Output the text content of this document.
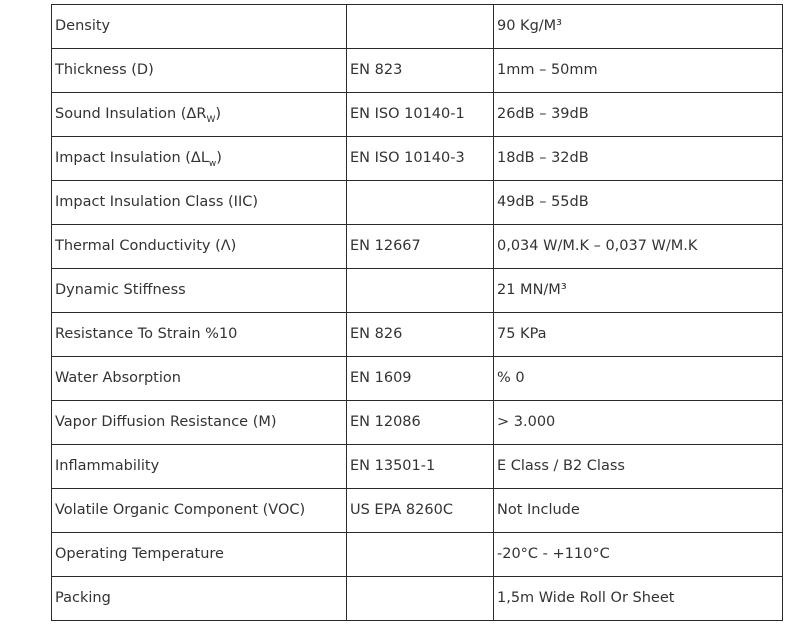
Density		90 Kg/M³
Thickness (D)	EN 823	1mm – 50mm
Sound Insulation $(\Delta R_W)$	EN ISO 10140-1	26dB – 39dB
Impact Insulation $(\Delta L_w)$	EN ISO 10140-3	18dB – 32dB
Impact Insulation Class (IIC)		49dB – 55dB
Thermal Conductivity (Λ)	EN 12667	0,034 W/M.K – 0,037 W/M.K
Dynamic Stiffness		21 MN/M³
Resistance To Strain %10	EN 826	75 KPa
Water Absorption	EN 1609	% 0
Vapor Diffusion Resistance (M)	EN 12086	> 3.000
Inflammability	EN 13501-1	E Class / B2 Class
Volatile Organic Component (VOC)	US EPA 8260C	Not Include
Operating Temperature		-20°C - +110°C
Packing		1,5m Wide Roll Or Sheet
